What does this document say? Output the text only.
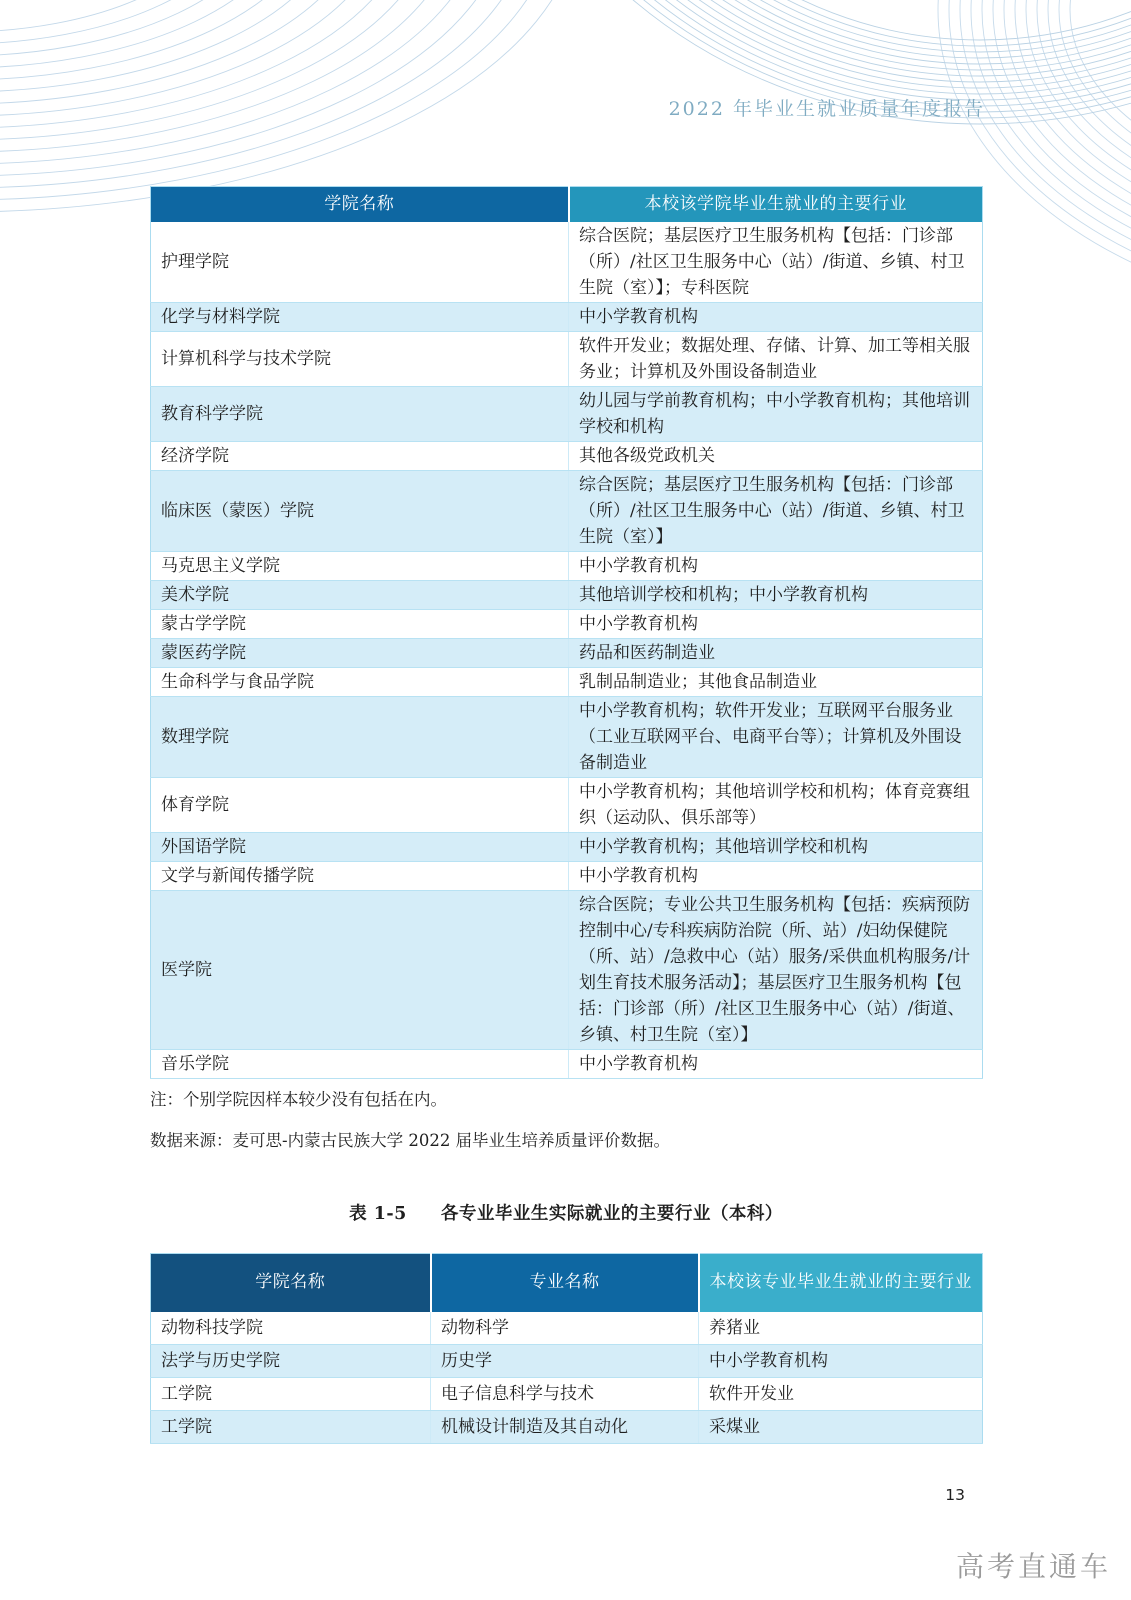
2022 年毕业生就业质量年度报告
学院名称	本校该学院毕业生就业的主要行业
护理学院	综合医院；基层医疗卫生服务机构【包括：门诊部（所）/社区卫生服务中心（站）/街道、乡镇、村卫生院（室）】；专科医院
化学与材料学院	中小学教育机构
计算机科学与技术学院	软件开发业；数据处理、存储、计算、加工等相关服务业；计算机及外围设备制造业
教育科学学院	幼儿园与学前教育机构；中小学教育机构；其他培训学校和机构
经济学院	其他各级党政机关
临床医（蒙医）学院	综合医院；基层医疗卫生服务机构【包括：门诊部（所）/社区卫生服务中心（站）/街道、乡镇、村卫生院（室）】
马克思主义学院	中小学教育机构
美术学院	其他培训学校和机构；中小学教育机构
蒙古学学院	中小学教育机构
蒙医药学院	药品和医药制造业
生命科学与食品学院	乳制品制造业；其他食品制造业
数理学院	中小学教育机构；软件开发业；互联网平台服务业（工业互联网平台、电商平台等）；计算机及外围设备制造业
体育学院	中小学教育机构；其他培训学校和机构；体育竞赛组织（运动队、俱乐部等）
外国语学院	中小学教育机构；其他培训学校和机构
文学与新闻传播学院	中小学教育机构
医学院	综合医院；专业公共卫生服务机构【包括：疾病预防控制中心/专科疾病防治院（所、站）/妇幼保健院（所、站）/急救中心（站）服务/采供血机构服务/计划生育技术服务活动】；基层医疗卫生服务机构【包括：门诊部（所）/社区卫生服务中心（站）/街道、乡镇、村卫生院（室）】
音乐学院	中小学教育机构
注：个别学院因样本较少没有包括在内。
数据来源：麦可思-内蒙古民族大学 2022 届毕业生培养质量评价数据。
表 1-5 各专业毕业生实际就业的主要行业（本科）
学院名称	专业名称	本校该专业毕业生就业的主要行业
动物科技学院	动物科学	养猪业
法学与历史学院	历史学	中小学教育机构
工学院	电子信息科学与技术	软件开发业
工学院	机械设计制造及其自动化	采煤业
13
高考直通车
